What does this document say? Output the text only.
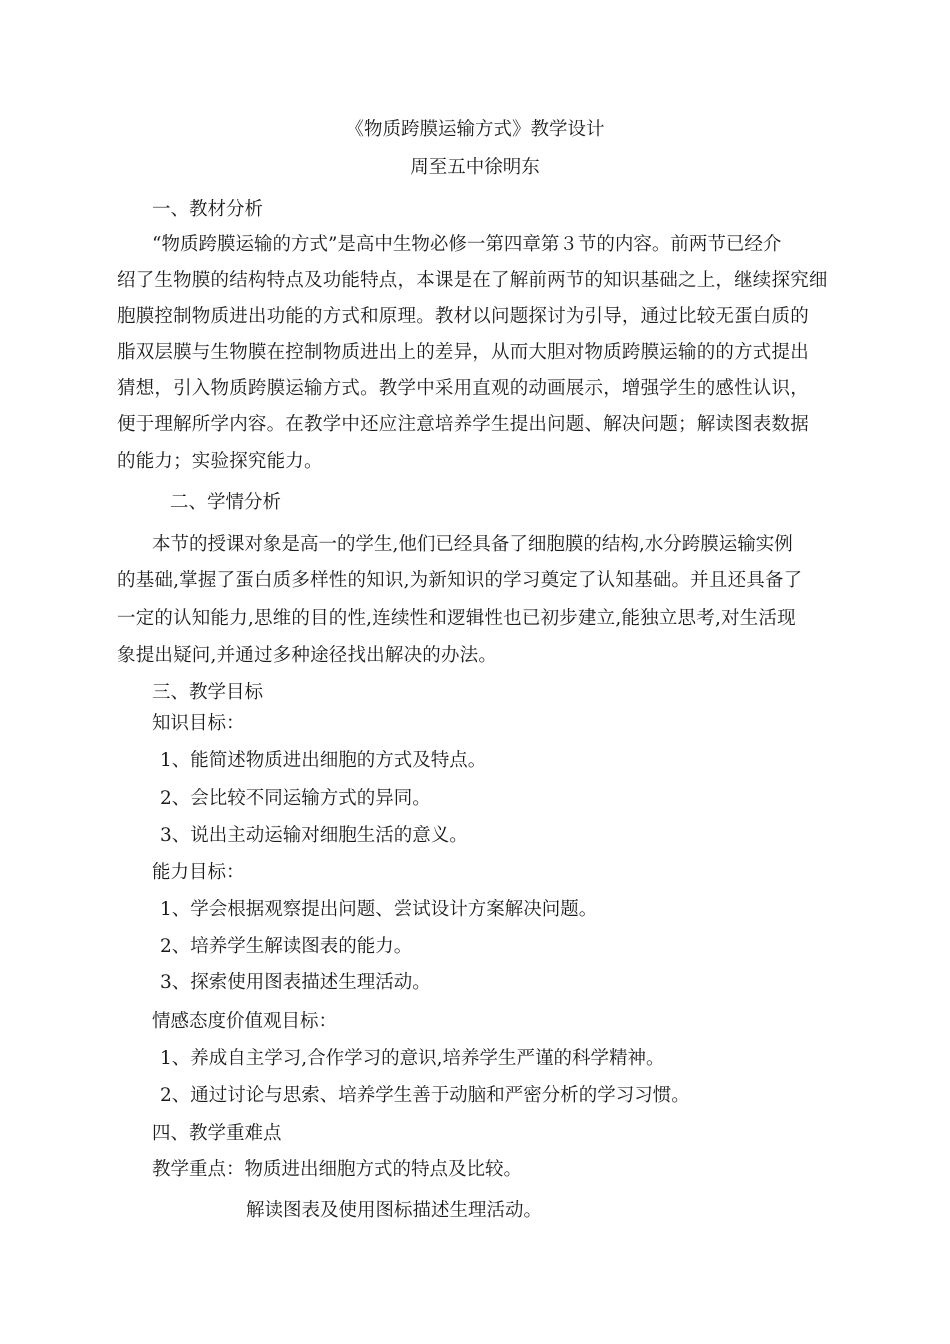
《物质跨膜运输方式》教学设计

周至五中徐明东

一、教材分析

“物质跨膜运输的方式”是高中生物必修一第四章第３节的内容。前两节已经介

绍了生物膜的结构特点及功能特点，本课是在了解前两节的知识基础之上，继续探究细

胞膜控制物质进出功能的方式和原理。教材以问题探讨为引导，通过比较无蛋白质的

脂双层膜与生物膜在控制物质进出上的差异，从而大胆对物质跨膜运输的的方式提出

猜想，引入物质跨膜运输方式。教学中采用直观的动画展示，增强学生的感性认识，

便于理解所学内容。在教学中还应注意培养学生提出问题、解决问题；解读图表数据

的能力；实验探究能力。

二、学情分析

本节的授课对象是高一的学生,他们已经具备了细胞膜的结构,水分跨膜运输实例

的基础,掌握了蛋白质多样性的知识,为新知识的学习奠定了认知基础。并且还具备了

一定的认知能力,思维的目的性,连续性和逻辑性也已初步建立,能独立思考,对生活现

象提出疑问,并通过多种途径找出解决的办法。

三、教学目标

知识目标：

1、能简述物质进出细胞的方式及特点。

2、会比较不同运输方式的异同。

3、说出主动运输对细胞生活的意义。

能力目标：

1、学会根据观察提出问题、尝试设计方案解决问题。

2、培养学生解读图表的能力。

3、探索使用图表描述生理活动。

情感态度价值观目标：

1、养成自主学习,合作学习的意识,培养学生严谨的科学精神。

2、通过讨论与思索、培养学生善于动脑和严密分析的学习习惯。

四、教学重难点

教学重点：物质进出细胞方式的特点及比较。

解读图表及使用图标描述生理活动。
